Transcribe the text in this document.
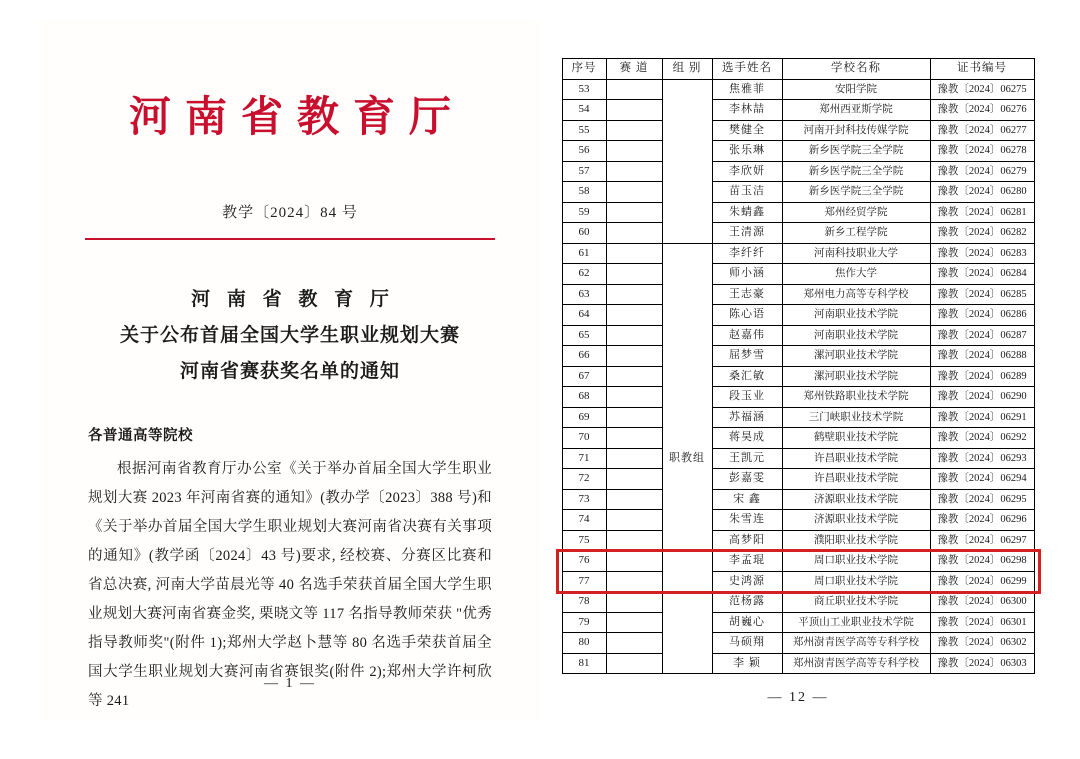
河南省教育厅
教学〔2024〕84 号
河 南 省 教 育 厅
关于公布首届全国大学生职业规划大赛
河南省赛获奖名单的通知
各普通高等院校

根据河南省教育厅办公室《关于举办首届全国大学生职业规划大赛 2023 年河南省赛的通知》(教办学〔2023〕388 号)和《关于举办首届全国大学生职业规划大赛河南省决赛有关事项的通知》(教学函〔2024〕43 号)要求, 经校赛、分赛区比赛和省总决赛, 河南大学苗晨光等 40 名选手荣获首届全国大学生职业规划大赛河南省赛金奖, 栗晓文等 117 名指导教师荣获 "优秀指导教师奖"(附件 1);郑州大学赵卜慧等 80 名选手荣获首届全国大学生职业规划大赛河南省赛银奖(附件 2);郑州大学许柯欣等 241

— 1 —
序号	赛 道	组 别	选手姓名	学校名称	证书编号
53			焦雅菲	安阳学院	豫教〔2024〕06275
54			李林喆	郑州西亚斯学院	豫教〔2024〕06276
55			樊健全	河南开封科技传媒学院	豫教〔2024〕06277
56			张乐琳	新乡医学院三全学院	豫教〔2024〕06278
57			李欣妍	新乡医学院三全学院	豫教〔2024〕06279
58			苗玉洁	新乡医学院三全学院	豫教〔2024〕06280
59			朱蜻鑫	郑州经贸学院	豫教〔2024〕06281
60			王清源	新乡工程学院	豫教〔2024〕06282
61		职教组	李纤纤	河南科技职业大学	豫教〔2024〕06283
62			师小涵	焦作大学	豫教〔2024〕06284
63			王志豪	郑州电力高等专科学校	豫教〔2024〕06285
64			陈心语	河南职业技术学院	豫教〔2024〕06286
65			赵嘉伟	河南职业技术学院	豫教〔2024〕06287
66			屈梦雪	漯河职业技术学院	豫教〔2024〕06288
67			桑汇敏	漯河职业技术学院	豫教〔2024〕06289
68			段玉业	郑州铁路职业技术学院	豫教〔2024〕06290
69			苏福涵	三门峡职业技术学院	豫教〔2024〕06291
70			蒋昊成	鹤壁职业技术学院	豫教〔2024〕06292
71			王凯元	许昌职业技术学院	豫教〔2024〕06293
72			彭嘉雯	许昌职业技术学院	豫教〔2024〕06294
73			宋 鑫	济源职业技术学院	豫教〔2024〕06295
74			朱雪连	济源职业技术学院	豫教〔2024〕06296
75			高梦阳	濮阳职业技术学院	豫教〔2024〕06297
76			李孟琨	周口职业技术学院	豫教〔2024〕06298
77			史鸿源	周口职业技术学院	豫教〔2024〕06299
78			范杨露	商丘职业技术学院	豫教〔2024〕06300
79			胡巍心	平顶山工业职业技术学院	豫教〔2024〕06301
80			马硕翔	郑州澍青医学高等专科学校	豫教〔2024〕06302
81			李 颖	郑州澍青医学高等专科学校	豫教〔2024〕06303
— 12 —
